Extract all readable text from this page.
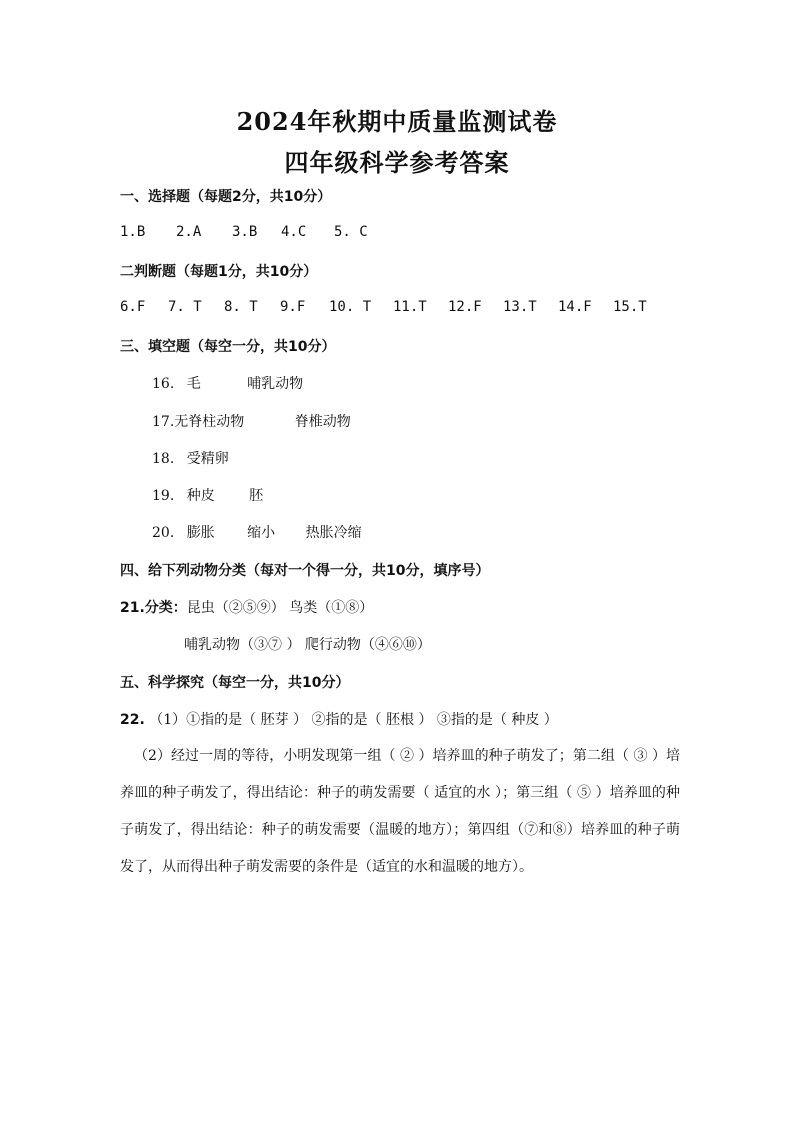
2024年秋期中质量监测试卷
四年级科学参考答案
一、选择题（每题2分，共10分）
1.B 2.A 3.B 4.C 5. C
二判断题（每题1分，共10分）
6.F 7. T 8. T 9.F 10. T 11.T 12.F 13.T 14.F 15.T
三、填空题（每空一分，共10分）
16. 毛	哺乳动物
17.无脊柱动物	脊椎动物
18. 受精卵
19. 种皮 胚
20. 膨胀 缩小 热胀冷缩
四、给下列动物分类（每对一个得一分，共10分，填序号）
21.分类：昆虫（②⑤⑨） 鸟类（①⑧）
哺乳动物（③⑦ ） 爬行动物（④⑥⑩）
五、科学探究（每空一分，共10分）
22. （1）①指的是（ 胚芽 ） ②指的是（ 胚根 ） ③指的是（ 种皮 ）
（2）经过一周的等待，小明发现第一组（ ② ）培养皿的种子萌发了；第二组（ ③ ）培养皿的种子萌发了，得出结论：种子的萌发需要（ 适宜的水 ）；第三组（ ⑤ ）培养皿的种子萌发了，得出结论：种子的萌发需要（温暖的地方）；第四组（⑦和⑧）培养皿的种子萌发了，从而得出种子萌发需要的条件是（适宜的水和温暖的地方）。
